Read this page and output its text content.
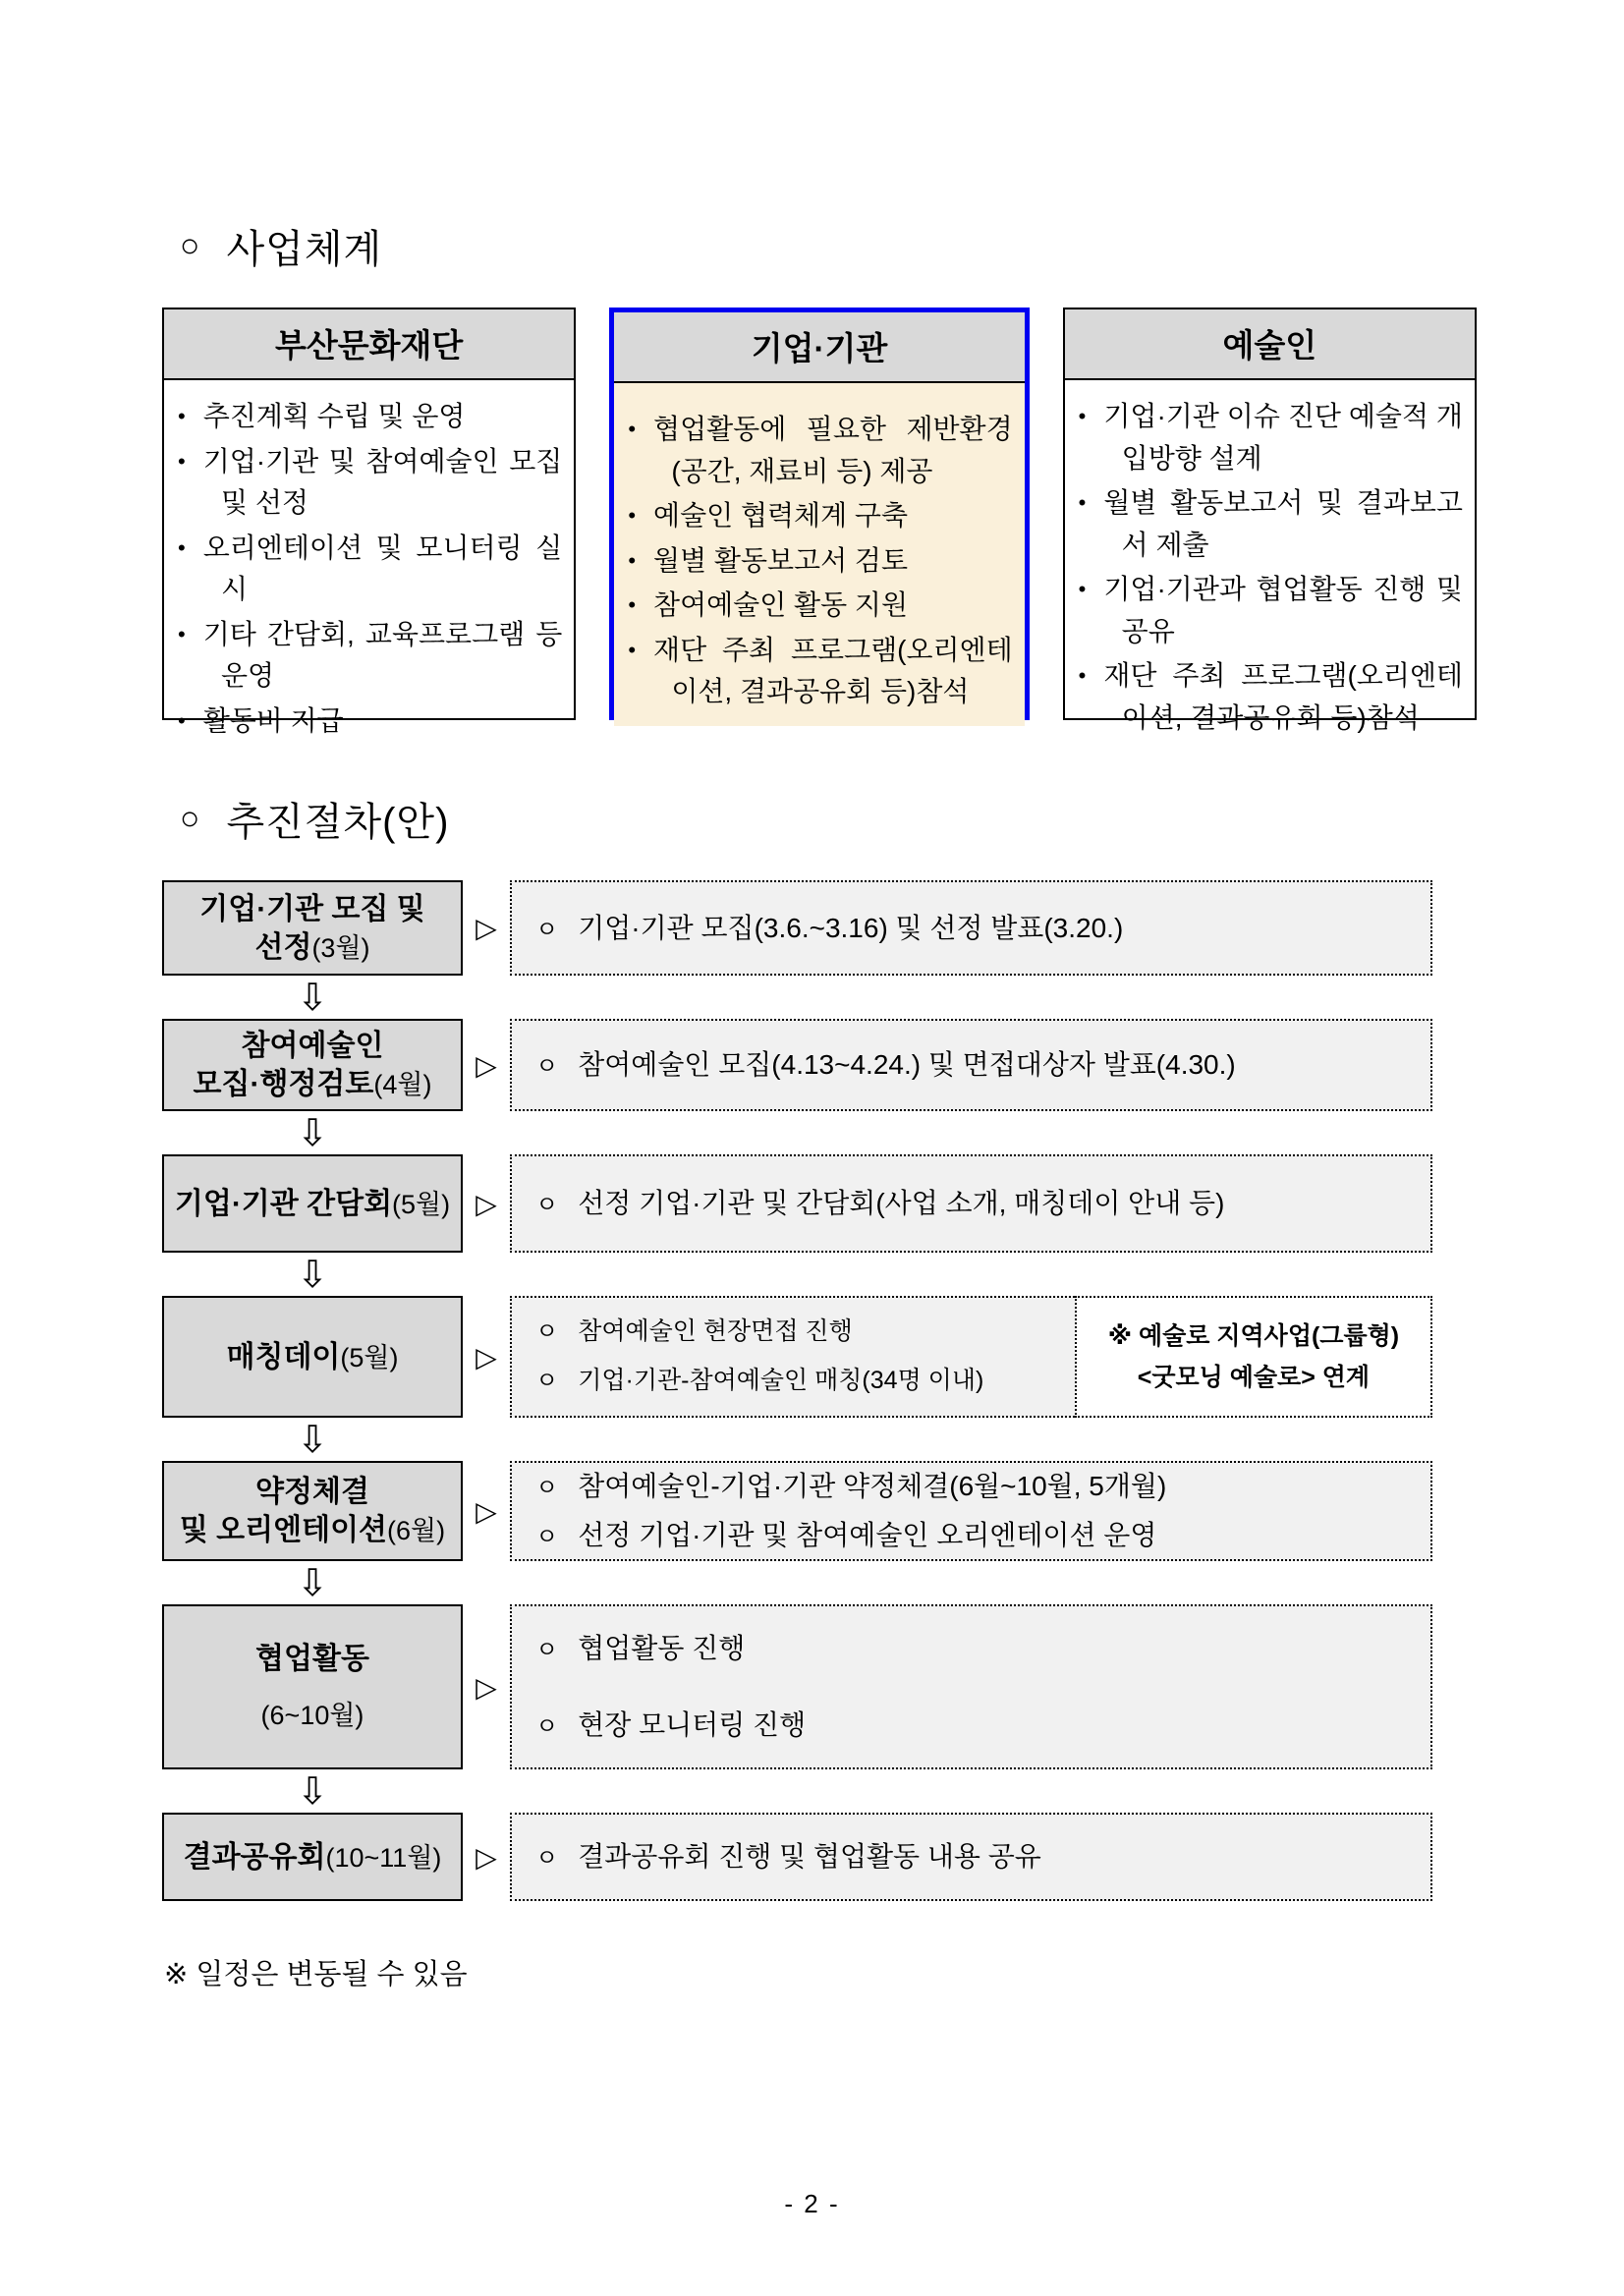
○ 사업체계
부산문화재단
• 추진계획 수립 및 운영
• 기업·기관 및 참여예술인 모집 및 선정
• 오리엔테이션 및 모니터링 실시
• 기타 간담회, 교육프로그램 등 운영
• 활동비 지급
기업·기관
• 협업활동에 필요한 제반환경(공간, 재료비 등) 제공
• 예술인 협력체계 구축
• 월별 활동보고서 검토
• 참여예술인 활동 지원
• 재단 주최 프로그램(오리엔테이션, 결과공유회 등)참석
예술인
• 기업·기관 이슈 진단 예술적 개입방향 설계
• 월별 활동보고서 및 결과보고서 제출
• 기업·기관과 협업활동 진행 및 공유
• 재단 주최 프로그램(오리엔테이션, 결과공유회 등)참석
○ 추진절차(안)
기업·기관 모집 및
선정(3월)
▷	ㅇ 기업·기관 모집(3.6.~3.16) 및 선정 발표(3.20.)
⇩
참여예술인
모집·행정검토(4월)
▷	ㅇ 참여예술인 모집(4.13~4.24.) 및 면접대상자 발표(4.30.)
⇩
기업·기관 간담회(5월) ▷	ㅇ 선정 기업·기관 및 간담회(사업 소개, 매칭데이 안내 등)
⇩
매칭데이(5월)	▷
ㅇ 참여예술인 현장면접 진행
ㅇ 기업·기관-참여예술인 매칭(34명 이내)
※ 예술로 지역사업(그룹형)
<굿모닝 예술로> 연계
⇩
약정체결
및 오리엔테이션(6월)
▷
ㅇ 참여예술인-기업·기관 약정체결(6월~10월, 5개월)
ㅇ 선정 기업·기관 및 참여예술인 오리엔테이션 운영
⇩
협업활동
(6~10월)
▷
ㅇ 협업활동 진행
ㅇ 현장 모니터링 진행
⇩
결과공유회(10~11월)	▷	ㅇ 결과공유회 진행 및 협업활동 내용 공유

※ 일정은 변동될 수 있음

- 2 -
